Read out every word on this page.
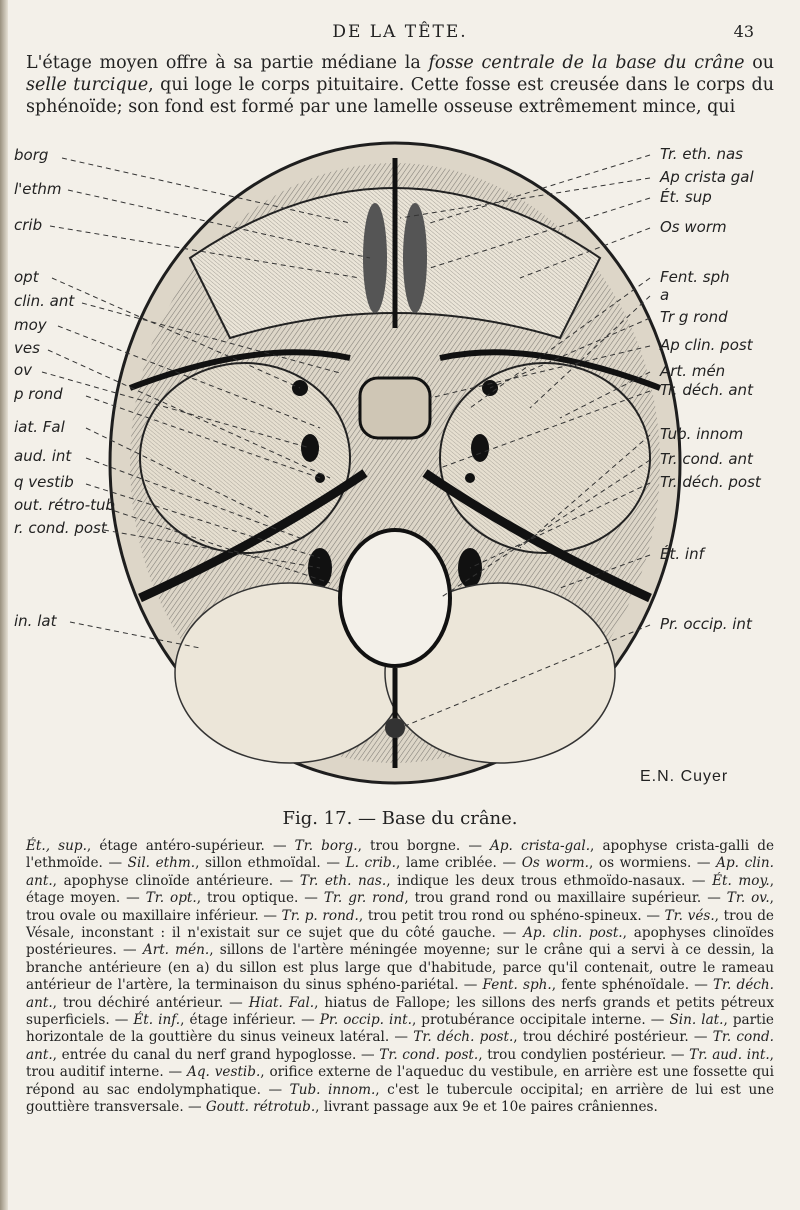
DE LA TÊTE.	43
L'étage moyen offre à sa partie médiane la fosse centrale de la base du crâne ou selle turcique, qui loge le corps pituitaire. Cette fosse est creusée dans le corps du sphénoïde; son fond est formé par une lamelle osseuse extrêmement mince, qui
borg
l'ethm
crib
opt
clin. ant
moy
ves
ov
p rond
iat. Fal
aud. int
q vestib
out. rétro-tub
r. cond. post
in. lat
Tr. eth. nas
Ap crista gal
Ét. sup
Os worm
Fent. sph
a
Tr g rond
Ap clin. post
Art. mén
Tr. déch. ant
Tub. innom
Tr. cond. ant
Tr. déch. post
Ét. inf
Pr. occip. int
E.N. Cuyer
Fig. 17. — Base du crâne.
Ét., sup., étage antéro-supérieur. — Tr. borg., trou borgne. — Ap. crista-gal., apophyse crista-galli de l'ethmoïde. — Sil. ethm., sillon ethmoïdal. — L. crib., lame criblée. — Os worm., os wormiens. — Ap. clin. ant., apophyse clinoïde antérieure. — Tr. eth. nas., indique les deux trous ethmoïdo-nasaux. — Ét. moy., étage moyen. — Tr. opt., trou optique. — Tr. gr. rond, trou grand rond ou maxillaire supérieur. — Tr. ov., trou ovale ou maxillaire inférieur. — Tr. p. rond., trou petit trou rond ou sphéno-spineux. — Tr. vés., trou de Vésale, inconstant : il n'existait sur ce sujet que du côté gauche. — Ap. clin. post., apophyses clinoïdes postérieures. — Art. mén., sillons de l'artère méningée moyenne; sur le crâne qui a servi à ce dessin, la branche antérieure (en a) du sillon est plus large que d'habitude, parce qu'il contenait, outre le rameau antérieur de l'artère, la terminaison du sinus sphéno-pariétal. — Fent. sph., fente sphénoïdale. — Tr. déch. ant., trou déchiré antérieur. — Hiat. Fal., hiatus de Fallope; les sillons des nerfs grands et petits pétreux superficiels. — Ét. inf., étage inférieur. — Pr. occip. int., protubérance occipitale interne. — Sin. lat., partie horizontale de la gouttière du sinus veineux latéral. — Tr. déch. post., trou déchiré postérieur. — Tr. cond. ant., entrée du canal du nerf grand hypoglosse. — Tr. cond. post., trou condylien postérieur. — Tr. aud. int., trou auditif interne. — Aq. vestib., orifice externe de l'aqueduc du vestibule, en arrière est une fossette qui répond au sac endolymphatique. — Tub. innom., c'est le tubercule occipital; en arrière de lui est une gouttière transversale. — Goutt. rétrotub., livrant passage aux 9e et 10e paires crâniennes.
